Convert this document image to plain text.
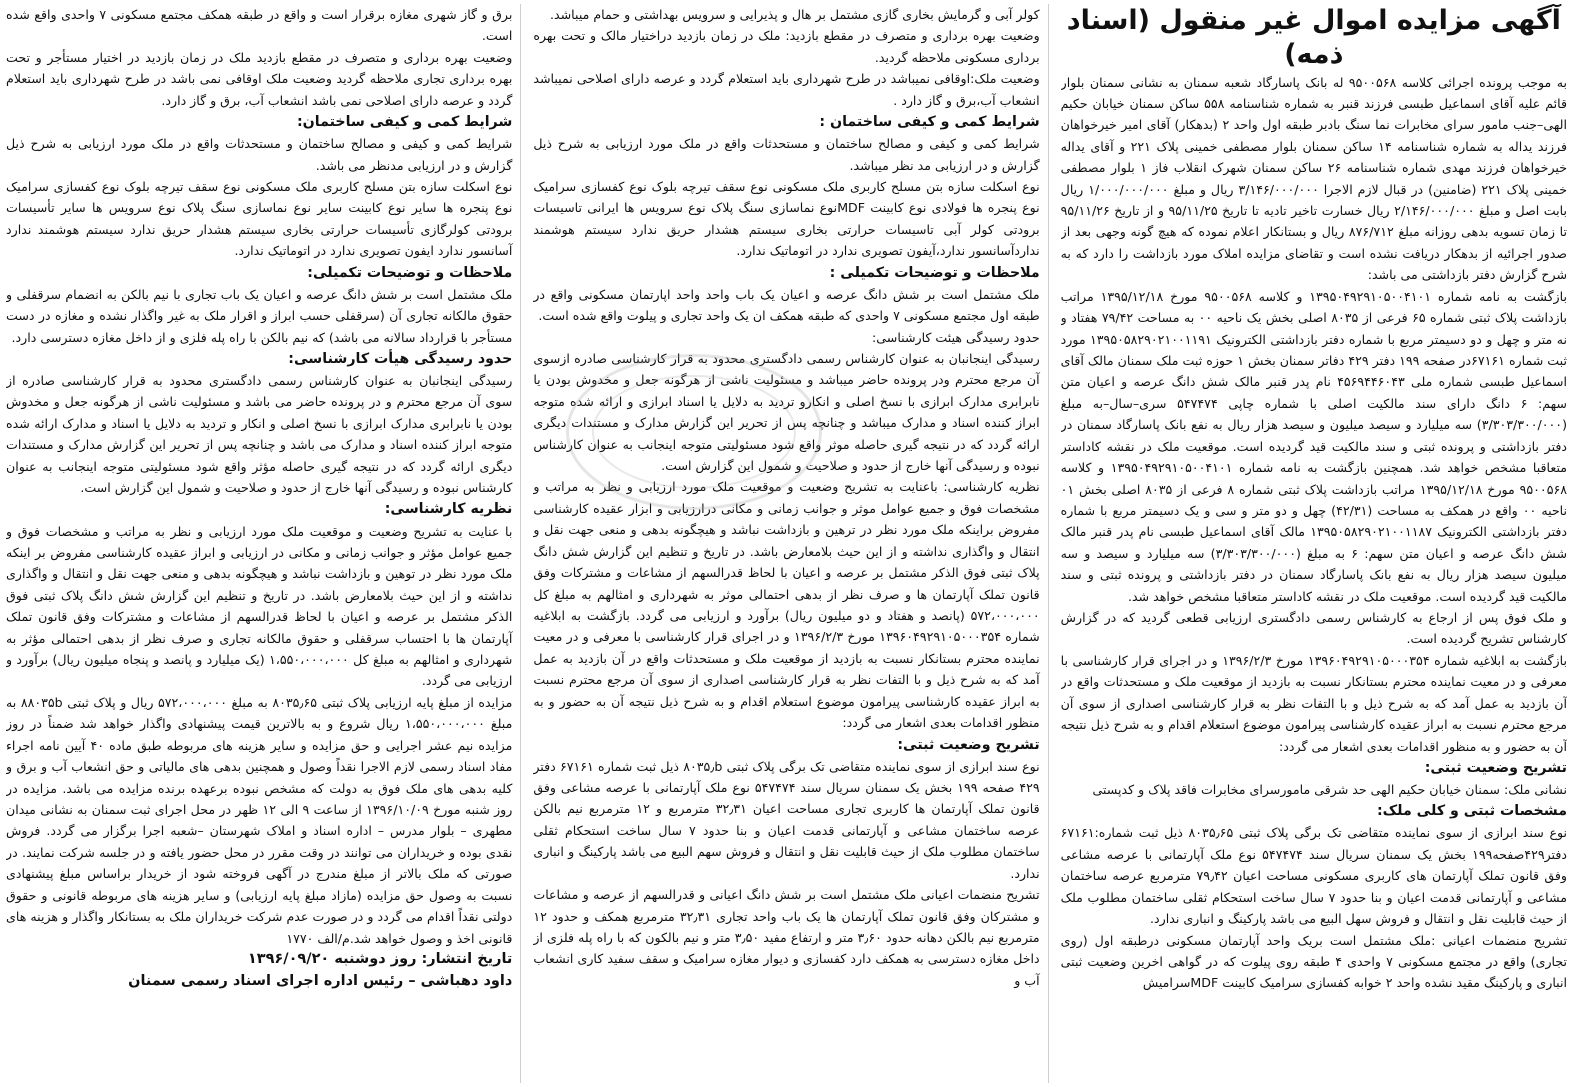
آگهی مزایده اموال غیر منقول (اسناد ذمه)

به موجب پرونده اجرائی کلاسه ۹۵۰۰۵۶۸ له بانک پاسارگاد شعبه سمنان به نشانی سمنان بلوار قائم علیه آقای اسماعیل طبسی فرزند قنبر به شماره شناسنامه ۵۵۸ ساکن سمنان خیابان حکیم الهی–جنب مامور سرای مخابرات نما سنگ بادبر طبقه اول واحد ۲ (بدهکار) آقای امیر خیرخواهان فرزند یداله به شماره شناسنامه ۱۴ ساکن سمنان بلوار مصطفی خمینی پلاک ۲۲۱ و آقای یداله خیرخواهان فرزند مهدی شماره شناسنامه ۲۶ ساکن سمنان شهرک انقلاب فاز ۱ بلوار مصطفی خمینی پلاک ۲۲۱ (ضامنین) در قبال لازم الاجرا ۳/۱۴۶/۰۰۰/۰۰۰ ریال و مبلغ ۱/۰۰۰/۰۰۰/۰۰۰ ریال بابت اصل و مبلغ ۲/۱۴۶/۰۰۰/۰۰۰ ریال خسارت تاخیر تادیه تا تاریخ ۹۵/۱۱/۲۵ و از تاریخ ۹۵/۱۱/۲۶ تا زمان تسویه بدهی روزانه مبلغ ۸۷۶/۷۱۲ ریال و بستانکار اعلام نموده که هیچ گونه وجهی بعد از صدور اجرائیه از بدهکار دریافت نشده است و تقاضای مزایده املاک مورد بازداشت را دارد که به شرح گزارش دفتر بازداشتی می باشد:

بازگشت به نامه شماره ۱۳۹۵۰۴۹۲۹۱۰۵۰۰۴۱۰۱ و کلاسه ۹۵۰۰۵۶۸ مورخ ۱۳۹۵/۱۲/۱۸ مراتب بازداشت پلاک ثبتی شماره ۶۵ فرعی از ۸۰۳۵ اصلی بخش یک ناحیه ۰۰ به مساحت ۷۹/۴۲ هفتاد و نه متر و چهل و دو دسیمتر مربع با شماره دفتر بازداشتی الکترونیک ۱۳۹۵۰۵۸۲۹۰۲۱۰۰۱۱۹۱ مورد ثبت شماره ۶۷۱۶۱در صفحه ۱۹۹ دفتر ۴۲۹ دفاتر سمنان بخش ۱ حوزه ثبت ملک سمنان مالک آقای اسماعیل طبسی شماره ملی ۴۵۶۹۴۴۶۰۴۳ نام پدر قنبر مالک شش دانگ عرصه و اعیان متن سهم: ۶ دانگ دارای سند مالکیت اصلی با شماره چاپی ۵۴۷۴۷۴ سری–سال–به مبلغ (۳/۳۰۳/۳۰۰/۰۰۰) سه میلیارد و سیصد میلیون و سیصد هزار ریال به نفع بانک پاسارگاد سمنان در دفتر بازداشتی و پرونده ثبتی و سند مالکیت قید گردیده است. موقعیت ملک در نقشه کاداستر متعاقبا مشخص خواهد شد. همچنین بازگشت به نامه شماره ۱۳۹۵۰۴۹۲۹۱۰۵۰۰۴۱۰۱ و کلاسه ۹۵۰۰۵۶۸ مورخ ۱۳۹۵/۱۲/۱۸ مراتب بازداشت پلاک ثبتی شماره ۸ فرعی از ۸۰۳۵ اصلی بخش ۰۱ ناحیه ۰۰ واقع در همکف به مساحت (۴۲/۳۱) چهل و دو متر و سی و یک دسیمتر مربع با شماره دفتر بازداشتی الکترونیک ۱۳۹۵۰۵۸۲۹۰۲۱۰۰۱۱۸۷ مالک آقای اسماعیل طبسی نام پدر قنبر مالک شش دانگ عرصه و اعیان متن سهم: ۶ به مبلغ (۳/۳۰۳/۳۰۰/۰۰۰) سه میلیارد و سیصد و سه میلیون سیصد هزار ریال به نفع بانک پاسارگاد سمنان در دفتر بازداشتی و پرونده ثبتی و سند مالکیت قید گردیده است. موقعیت ملک در نقشه کاداستر متعاقبا مشخص خواهد شد.

و ملک فوق پس از ارجاع به کارشناس رسمی دادگستری ارزیابی قطعی گردید که در گزارش کارشناس تشریح گردیده است.

بازگشت به ابلاغیه شماره ۱۳۹۶۰۴۹۲۹۱۰۵۰۰۰۳۵۴ مورخ ۱۳۹۶/۲/۳ و در اجرای قرار کارشناسی با معرفی و در معیت نماینده محترم بستانکار نسبت به بازدید از موقعیت ملک و مستحدثات واقع در آن بازدید به عمل آمد که به شرح ذیل و با التفات نظر به قرار کارشناسی اصداری از سوی آن مرجع محترم نسبت به ابراز عقیده کارشناسی پیرامون موضوع استعلام اقدام و به شرح ذیل نتیجه آن به حضور و به منظور اقدامات بعدی اشعار می گردد:

تشریح وضعیت ثبتی:

نشانی ملک: سمنان خیابان حکیم الهی حد شرقی مامورسرای مخابرات فاقد پلاک و کدپستی

مشخصات ثبتی و کلی ملک:

نوع سند ابرازی از سوی نماینده متقاضی تک برگی پلاک ثبتی ۸۰۳۵٫۶۵ ذیل ثبت شماره:۶۷۱۶۱ دفتر۴۲۹صفحه۱۹۹ بخش یک سمنان سریال سند ۵۴۷۴۷۴ نوع ملک آپارتمانی با عرصه مشاعی وفق قانون تملک آپارتمان های کاربری مسکونی مساحت اعیان ۷۹٫۴۲ مترمربع عرصه ساختمان مشاعی و آپارتمانی قدمت اعیان و بنا حدود ۷ سال ساخت استحکام ثقلی ساختمان مطلوب ملک از حیث قابلیت نقل و انتقال و فروش سهل البیع می باشد پارکینگ و انباری ندارد.

تشریح منضمات اعیانی :ملک مشتمل است بریک واحد آپارتمان مسکونی درطبقه اول (روی تجاری) واقع در مجتمع مسکونی ۷ واحدی ۴ طبقه روی پیلوت که در گواهی اخرین وضعیت ثبتی انباری و پارکینگ مقید نشده واحد ۲ خوابه کفسازی سرامیک کابینت MDFسرامیش

کولر آبی و گرمایش بخاری گازی مشتمل بر هال و پذیرایی و سرویس بهداشتی و حمام میباشد.

وضعیت بهره برداری و متصرف در مقطع بازدید: ملک در زمان بازدید دراختیار مالک و تحت بهره برداری مسکونی ملاحظه گردید.

وضعیت ملک:اوقافی نمیباشد در طرح شهرداری باید استعلام گردد و عرصه دارای اصلاحی نمیباشد انشعاب آب،برق و گاز دارد .

شرایط کمی و کیفی ساختمان :

شرایط کمی و کیفی و مصالح ساختمان و مستحدثات واقع در ملک مورد ارزیابی به شرح ذیل گزارش و در ارزیابی مد نظر میباشد.

نوع اسکلت سازه بتن مسلح کاربری ملک مسکونی نوع سقف تیرچه بلوک نوع کفسازی سرامیک نوع پنجره ها فولادی نوع کابینت MDFنوع نماسازی سنگ پلاک نوع سرویس ها ایرانی تاسیسات برودتی کولر آبی تاسیسات حرارتی بخاری سیستم هشدار حریق ندارد سیستم هوشمند نداردآسانسور ندارد،آیفون تصویری ندارد در اتوماتیک ندارد.

ملاحظات و توضیحات تکمیلی :

ملک مشتمل است بر شش دانگ عرصه و اعیان یک باب واحد واحد اپارتمان مسکونی واقع در طبقه اول مجتمع مسکونی ۷ واحدی که طبقه همکف ان یک واحد تجاری و پیلوت واقع شده است.

حدود رسیدگی هیئت کارشناسی:

رسیدگی اینجانبان به عنوان کارشناس رسمی دادگستری محدود به قرار کارشناسی صادره ازسوی آن مرجع محترم ودر پرونده حاضر میباشد و مسئولیت ناشی از هرگونه جعل و مخدوش بودن یا نابرابری مدارک ابرازی با نسخ اصلی و انکارو تردید به دلایل یا اسناد ابرازی و ارائه شده متوجه ابراز کننده اسناد و مدارک میباشد و چنانچه پس از تحریر این گزارش مدارک و مستندات دیگری ارائه گردد که در نتیجه گیری حاصله موثر واقع شود مسئولیتی متوجه اینجانب به عنوان کارشناس نبوده و رسیدگی آنها خارج از حدود و صلاحیت و شمول این گزارش است.

نظریه کارشناسی: باعنایت به تشریح وضعیت و موقعیت ملک مورد ارزیابی و نظر به مراتب و مشخصات فوق و جمیع عوامل موثر و جوانب زمانی و مکانی درارزیابی و ابزار عقیده کارشناسی مفروض براینکه ملک مورد نظر در ترهین و بازداشت نباشد و هیچگونه بدهی و منعی جهت نقل و انتقال و واگذاری نداشته و از این حیث بلامعارض باشد. در تاریخ و تنظیم این گزارش شش دانگ پلاک ثبتی فوق الذکر مشتمل بر عرصه و اعیان با لحاظ قدرالسهم از مشاعات و مشترکات وفق قانون تملک آپارتمان ها و صرف نظر از بدهی احتمالی موثر به شهرداری و امثالهم به مبلغ کل ۵۷۲،۰۰۰،۰۰۰ (پانصد و هفتاد و دو میلیون ریال) برآورد و ارزیابی می گردد. بازگشت به ابلاغیه شماره ۱۳۹۶۰۴۹۲۹۱۰۵۰۰۰۳۵۴ مورخ ۱۳۹۶/۲/۳ و در اجرای قرار کارشناسی با معرفی و در معیت نماینده محترم بستانکار نسبت به بازدید از موقعیت ملک و مستحدثات واقع در آن بازدید به عمل آمد که به شرح ذیل و با التفات نظر به قرار کارشناسی اصداری از سوی آن مرجع محترم نسبت به ابراز عقیده کارشناسی پیرامون موضوع استعلام اقدام و به شرح ذیل نتیجه آن به حضور و به منظور اقدامات بعدی اشعار می گردد:

تشریح وضعیت ثبتی:

نوع سند ابرازی از سوی نماینده متقاضی تک برگی پلاک ثبتی ۸۰۳۵٫b ذیل ثبت شماره ۶۷۱۶۱ دفتر ۴۲۹ صفحه ۱۹۹ بخش یک سمنان سریال سند ۵۴۷۴۷۴ نوع ملک آپارتمانی با عرصه مشاعی وفق قانون تملک آپارتمان ها کاربری تجاری مساحت اعیان ۳۲٫۳۱ مترمربع و ۱۲ مترمربع نیم بالکن عرصه ساختمان مشاعی و آپارتمانی قدمت اعیان و بنا حدود ۷ سال ساخت استحکام ثقلی ساختمان مطلوب ملک از حیث قابلیت نقل و انتقال و فروش سهم البیع می باشد پارکینگ و انباری ندارد.

تشریح منضمات اعیانی ملک مشتمل است بر شش دانگ اعیانی و قدرالسهم از عرصه و مشاعات و مشترکان وفق قانون تملک آپارتمان ها یک باب واحد تجاری ۳۲٫۳۱ مترمربع همکف و حدود ۱۲ مترمربع نیم بالکن دهانه حدود ۳٫۶۰ متر و ارتفاع مفید ۳٫۵۰ متر و نیم بالکون که با راه پله فلزی از داخل مغازه دسترسی به همکف دارد کفسازی و دیوار مغازه سرامیک و سقف سفید کاری انشعاب آب و

برق و گاز شهری مغازه برقرار است و واقع در طبقه همکف مجتمع مسکونی ۷ واحدی واقع شده است.

وضعیت بهره برداری و متصرف در مقطع بازدید ملک در زمان بازدید در اختیار مستأجر و تحت بهره برداری تجاری ملاحظه گردید وضعیت ملک اوقافی نمی باشد در طرح شهرداری باید استعلام گردد و عرصه دارای اصلاحی نمی باشد انشعاب آب، برق و گاز دارد.

شرایط کمی و کیفی ساختمان:

شرایط کمی و کیفی و مصالح ساختمان و مستحدثات واقع در ملک مورد ارزیابی به شرح ذیل گزارش و در ارزیابی مدنظر می باشد.

نوع اسکلت سازه بتن مسلح کاربری ملک مسکونی نوع سقف تیرچه بلوک نوع کفسازی سرامیک نوع پنجره ها سایر نوع کابینت سایر نوع نماسازی سنگ پلاک نوع سرویس ها سایر تأسیسات برودتی کولرگازی تأسیسات حرارتی بخاری سیستم هشدار حریق ندارد سیستم هوشمند ندارد آسانسور ندارد ایفون تصویری ندارد در اتوماتیک ندارد.

ملاحظات و توضیحات تکمیلی:

ملک مشتمل است بر شش دانگ عرصه و اعیان یک باب تجاری با نیم بالکن به انضمام سرقفلی و حقوق مالکانه تجاری آن (سرقفلی حسب ابراز و اقرار ملک به غیر واگذار نشده و مغازه در دست مستأجر با قرارداد سالانه می باشد) که نیم بالکن با راه پله فلزی و از داخل مغازه دسترسی دارد.

حدود رسیدگی هیأت کارشناسی:

رسیدگی اینجانبان به عنوان کارشناس رسمی دادگستری محدود به قرار کارشناسی صادره از سوی آن مرجع محترم و در پرونده حاضر می باشد و مسئولیت ناشی از هرگونه جعل و مخدوش بودن یا نابرابری مدارک ابرازی با نسخ اصلی و انکار و تردید به دلایل یا اسناد و مدارک ارائه شده متوجه ابراز کننده اسناد و مدارک می باشد و چنانچه پس از تحریر این گزارش مدارک و مستندات دیگری ارائه گردد که در نتیجه گیری حاصله مؤثر واقع شود مسئولیتی متوجه اینجانب به عنوان کارشناس نبوده و رسیدگی آنها خارج از حدود و صلاحیت و شمول این گزارش است.

نظریه کارشناسی:

با عنایت به تشریح وضعیت و موقعیت ملک مورد ارزیابی و نظر به مراتب و مشخصات فوق و جمیع عوامل مؤثر و جوانب زمانی و مکانی در ارزیابی و ابراز عقیده کارشناسی مفروض بر اینکه ملک مورد نظر در توهین و بازداشت نباشد و هیچگونه بدهی و منعی جهت نقل و انتقال و واگذاری نداشته و از این حیث بلامعارض باشد. در تاریخ و تنظیم این گزارش شش دانگ پلاک ثبتی فوق الذکر مشتمل بر عرصه و اعیان با لحاظ قدرالسهم از مشاعات و مشترکات وفق قانون تملک آپارتمان ها با احتساب سرقفلی و حقوق مالکانه تجاری و صرف نظر از بدهی احتمالی مؤثر به شهرداری و امثالهم به مبلغ کل ۱،۵۵۰،۰۰۰،۰۰۰ (یک میلیارد و پانصد و پنجاه میلیون ریال) برآورد و ارزیابی می گردد.

مزایده از مبلغ پایه ارزیابی پلاک ثبتی ۸۰۳۵٫۶۵ به مبلغ ۵۷۲،۰۰۰،۰۰۰ ریال و پلاک ثبتی ۸۸۰۳۵b به مبلغ ۱،۵۵۰،۰۰۰،۰۰۰ ریال شروع و به بالاترین قیمت پیشنهادی واگذار خواهد شد ضمناً در روز مزایده نیم عشر اجرایی و حق مزایده و سایر هزینه های مربوطه طبق ماده ۴۰ آیین نامه اجراء مفاد اسناد رسمی لازم الاجرا نقداً وصول و همچنین بدهی های مالیاتی و حق انشعاب آب و برق و کلیه بدهی های ملک فوق به دولت که مشخص نبوده برعهده برنده مزایده می باشد. مزایده در روز شنبه مورخ ۱۳۹۶/۱۰/۰۹ از ساعت ۹ الی ۱۲ ظهر در محل اجرای ثبت سمنان به نشانی میدان مطهری – بلوار مدرس – اداره اسناد و املاک شهرستان –شعبه اجرا برگزار می گردد. فروش نقدی بوده و خریداران می توانند در وقت مقرر در محل حضور یافته و در جلسه شرکت نمایند. در صورتی که ملک بالاتر از مبلغ مندرج در آگهی فروخته شود از خریدار براساس مبلغ پیشنهادی نسبت به وصول حق مزایده (مازاد مبلغ پایه ارزیابی) و سایر هزینه های مربوطه قانونی و حقوق دولتی نقداً اقدام می گردد و در صورت عدم شرکت خریداران ملک به بستانکار واگذار و هزینه های قانونی اخذ و وصول خواهد شد.م/الف ۱۷۷۰

تاریخ انتشار: روز دوشنبه ۱۳۹۶/۰۹/۲۰

داود دهباشی – رئیس اداره اجرای اسناد رسمی سمنان
